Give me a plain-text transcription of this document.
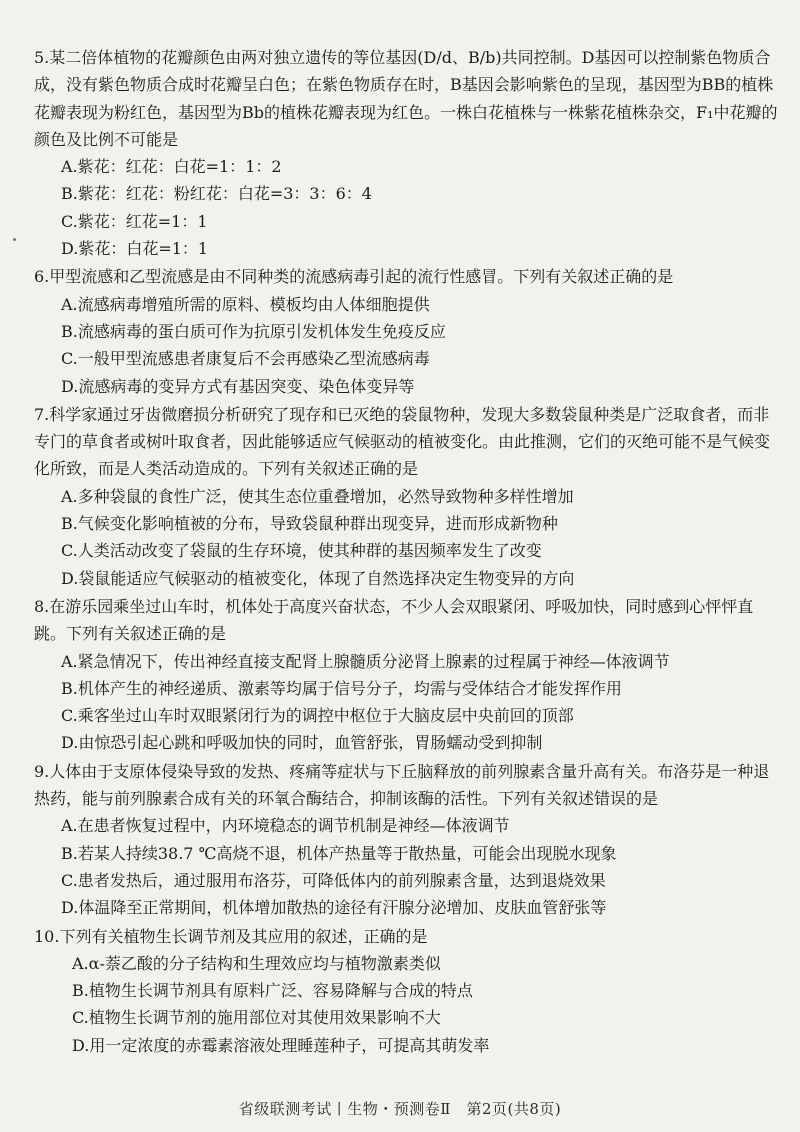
5.某二倍体植物的花瓣颜色由两对独立遗传的等位基因(D/d、B/b)共同控制。D基因可以控制紫色物质合成，没有紫色物质合成时花瓣呈白色；在紫色物质存在时，B基因会影响紫色的呈现，基因型为BB的植株花瓣表现为粉红色，基因型为Bb的植株花瓣表现为红色。一株白花植株与一株紫花植株杂交，F₁中花瓣的颜色及比例不可能是

A.紫花：红花：白花=1：1：2

B.紫花：红花：粉红花：白花=3：3：6：4

C.紫花：红花=1：1

D.紫花：白花=1：1

6.甲型流感和乙型流感是由不同种类的流感病毒引起的流行性感冒。下列有关叙述正确的是

A.流感病毒增殖所需的原料、模板均由人体细胞提供

B.流感病毒的蛋白质可作为抗原引发机体发生免疫反应

C.一般甲型流感患者康复后不会再感染乙型流感病毒

D.流感病毒的变异方式有基因突变、染色体变异等

7.科学家通过牙齿微磨损分析研究了现存和已灭绝的袋鼠物种，发现大多数袋鼠种类是广泛取食者，而非专门的草食者或树叶取食者，因此能够适应气候驱动的植被变化。由此推测，它们的灭绝可能不是气候变化所致，而是人类活动造成的。下列有关叙述正确的是

A.多种袋鼠的食性广泛，使其生态位重叠增加，必然导致物种多样性增加

B.气候变化影响植被的分布，导致袋鼠种群出现变异，进而形成新物种

C.人类活动改变了袋鼠的生存环境，使其种群的基因频率发生了改变

D.袋鼠能适应气候驱动的植被变化，体现了自然选择决定生物变异的方向

8.在游乐园乘坐过山车时，机体处于高度兴奋状态，不少人会双眼紧闭、呼吸加快，同时感到心怦怦直跳。下列有关叙述正确的是

A.紧急情况下，传出神经直接支配肾上腺髓质分泌肾上腺素的过程属于神经—体液调节

B.机体产生的神经递质、激素等均属于信号分子，均需与受体结合才能发挥作用

C.乘客坐过山车时双眼紧闭行为的调控中枢位于大脑皮层中央前回的顶部

D.由惊恐引起心跳和呼吸加快的同时，血管舒张，胃肠蠕动受到抑制

9.人体由于支原体侵染导致的发热、疼痛等症状与下丘脑释放的前列腺素含量升高有关。布洛芬是一种退热药，能与前列腺素合成有关的环氧合酶结合，抑制该酶的活性。下列有关叙述错误的是

A.在患者恢复过程中，内环境稳态的调节机制是神经—体液调节

B.若某人持续38.7 ℃高烧不退，机体产热量等于散热量，可能会出现脱水现象

C.患者发热后，通过服用布洛芬，可降低体内的前列腺素含量，达到退烧效果

D.体温降至正常期间，机体增加散热的途径有汗腺分泌增加、皮肤血管舒张等

10.下列有关植物生长调节剂及其应用的叙述，正确的是

A.α-萘乙酸的分子结构和生理效应均与植物激素类似

B.植物生长调节剂具有原料广泛、容易降解与合成的特点

C.植物生长调节剂的施用部位对其使用效果影响不大

D.用一定浓度的赤霉素溶液处理睡莲种子，可提高其萌发率

省级联测考试丨生物・预测卷Ⅱ　第2页(共8页)
